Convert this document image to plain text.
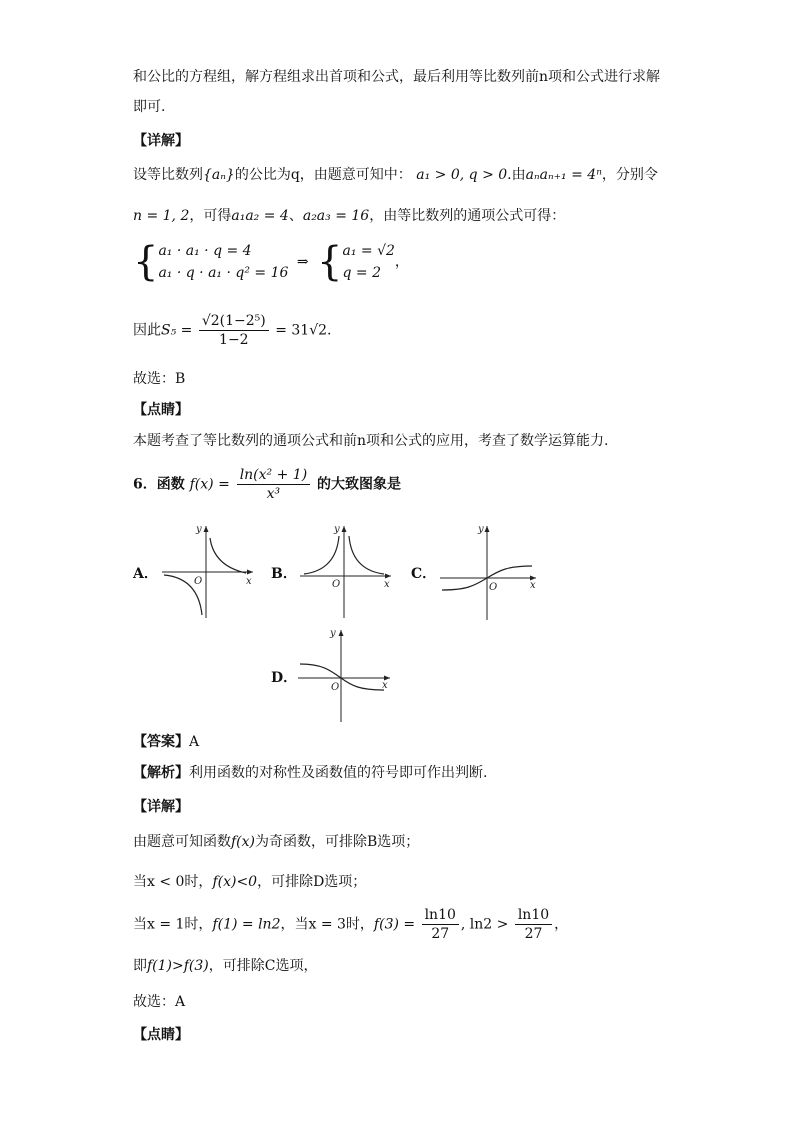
和公比的方程组，解方程组求出首项和公式，最后利用等比数列前n项和公式进行求解
即可.
【详解】
设等比数列{aₙ}的公比为q，由题意可知中： a₁ > 0, q > 0.由aₙaₙ₊₁ = 4ⁿ，分别令
n = 1, 2，可得a₁a₂ = 4、a₂a₃ = 16，由等比数列的通项公式可得：
{a₁ · a₁ · q = 4
a₁ · q · a₁ · q² = 16 ⇒ {a₁ = √2
q = 2，
因此$S_5 = \frac{\text{√2(1−2⁵)}}{1-2} = 31√2$.
故选：B
【点睛】
本题考查了等比数列的通项公式和前n项和公式的应用，考查了数学运算能力.
6．函数 $f(x) = \frac{\text{ln(x² + 1)}}{\text{x³}}$ 的大致图象是
A．	x
y
O	B．
x
y
O
C．
x
y
O
D．	x
y
O
【答案】A
【解析】利用函数的对称性及函数值的符号即可作出判断.
【详解】
由题意可知函数f(x)为奇函数，可排除B选项；
当x < 0时，f(x)<0，可排除D选项；
当x = 1时，f(1) = ln2，当x = 3时，$f(3) = \frac{\ln 10}{27}$ , $\ln 2 > \frac{\ln 10}{27}$ ，
即f(1)>f(3)，可排除C选项，
故选：A
【点睛】
